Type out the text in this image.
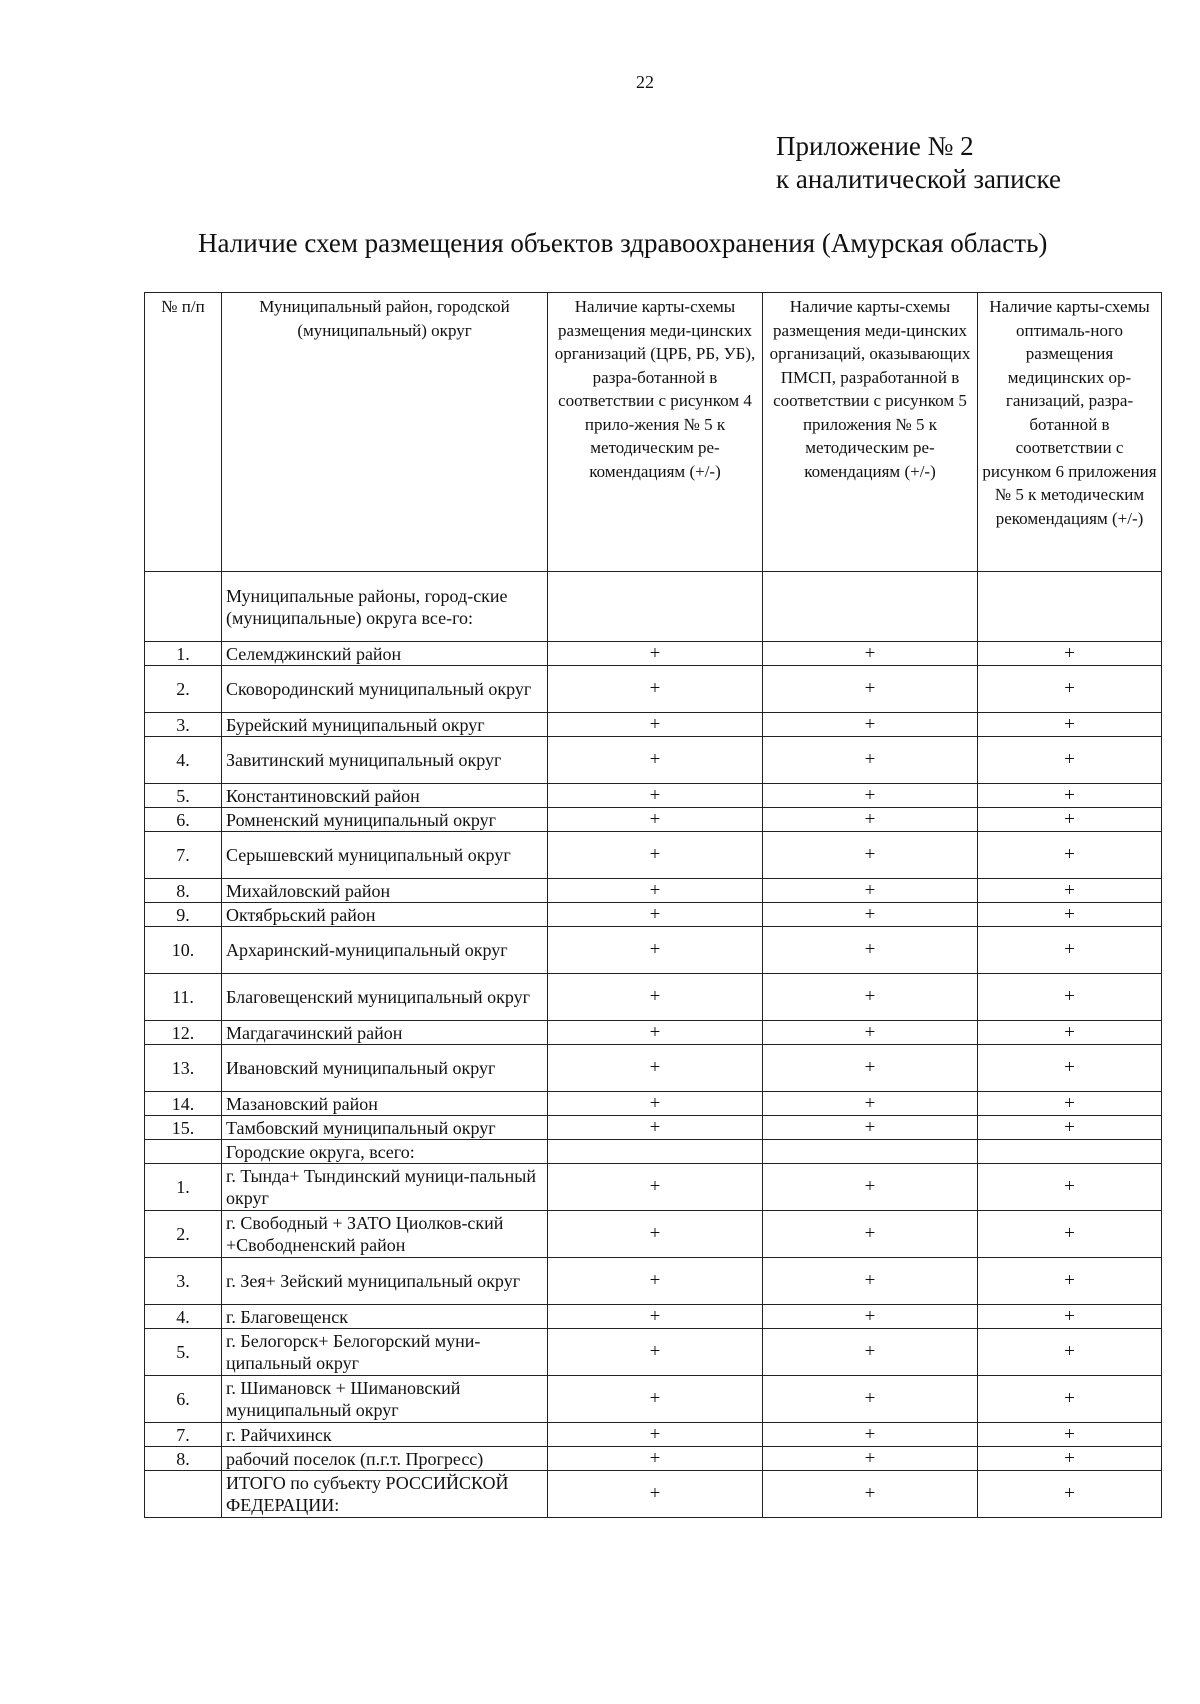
22
Приложение № 2
к аналитической записке
Наличие схем размещения объектов здравоохранения (Амурская область)
№ п/п	Муниципальный район, городской (муниципальный) округ	Наличие карты-схемы размещения меди-цинских организаций (ЦРБ, РБ, УБ), разра-ботанной в соответствии с рисунком 4 прило-жения № 5 к методическим ре-комендациям (+/-)	Наличие карты-схемы размещения меди-цинских организаций, оказывающих ПМСП, разработанной в соответствии с рисунком 5 приложения № 5 к методическим ре-комендациям (+/-)	Наличие карты-схемы оптималь-ного размещения медицинских ор-ганизаций, разра-ботанной в соответствии с рисунком 6 приложения № 5 к методическим рекомендациям (+/-)
	Муниципальные районы, город-ские (муниципальные) округа все-го:			
1.	Селемджинский район	+	+	+
2.	Сковородинский муниципальный округ	+	+	+
3.	Бурейский муниципальный округ	+	+	+
4.	Завитинский муниципальный округ	+	+	+
5.	Константиновский район	+	+	+
6.	Ромненский муниципальный округ	+	+	+
7.	Серышевский муниципальный округ	+	+	+
8.	Михайловский район	+	+	+
9.	Октябрьский район	+	+	+
10.	Архаринский-муниципальный округ	+	+	+
11.	Благовещенский муниципальный округ	+	+	+
12.	Магдагачинский район	+	+	+
13.	Ивановский муниципальный округ	+	+	+
14.	Мазановский район	+	+	+
15.	Тамбовский муниципальный округ	+	+	+
	Городские округа, всего:			
1.	г. Тында+ Тындинский муници-пальный округ	+	+	+
2.	г. Свободный + ЗАТО Циолков-ский +Свободненский район	+	+	+
3.	г. Зея+ Зейский муниципальный округ	+	+	+
4.	г. Благовещенск	+	+	+
5.	г. Белогорск+ Белогорский муни-ципальный округ	+	+	+
6.	г. Шимановск + Шимановский муниципальный округ	+	+	+
7.	г. Райчихинск	+	+	+
8.	рабочий поселок (п.г.т. Прогресс)	+	+	+
	ИТОГО по субъекту РОССИЙСКОЙ ФЕДЕРАЦИИ:	+	+	+
